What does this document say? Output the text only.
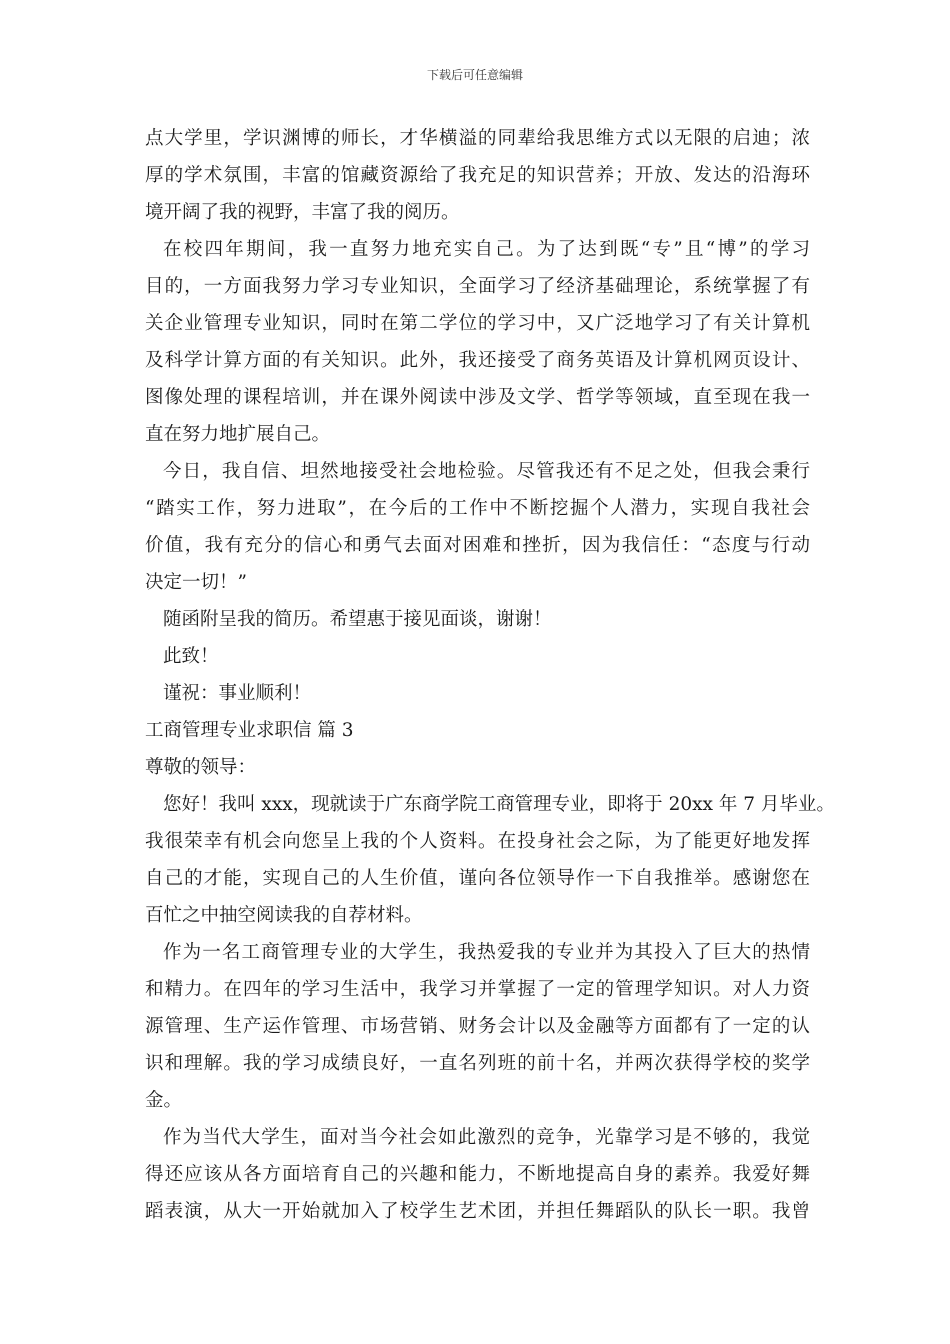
下载后可任意编辑
点大学里，学识渊博的师长，才华横溢的同辈给我思维方式以无限的启迪；浓
厚的学术氛围，丰富的馆藏资源给了我充足的知识营养；开放、发达的沿海环
境开阔了我的视野，丰富了我的阅历。
在校四年期间，我一直努力地充实自己。为了达到既“专”且“博”的学习
目的，一方面我努力学习专业知识，全面学习了经济基础理论，系统掌握了有
关企业管理专业知识，同时在第二学位的学习中，又广泛地学习了有关计算机
及科学计算方面的有关知识。此外，我还接受了商务英语及计算机网页设计、
图像处理的课程培训，并在课外阅读中涉及文学、哲学等领域，直至现在我一
直在努力地扩展自己。
今日，我自信、坦然地接受社会地检验。尽管我还有不足之处，但我会秉行
“踏实工作，努力进取”，在今后的工作中不断挖掘个人潜力，实现自我社会
价值，我有充分的信心和勇气去面对困难和挫折，因为我信任：“态度与行动
决定一切！”
随函附呈我的简历。希望惠于接见面谈，谢谢！
此致！
谨祝：事业顺利！
工商管理专业求职信 篇 3
尊敬的领导：
您好！我叫 xxx，现就读于广东商学院工商管理专业，即将于 20xx 年 7 月毕业。
我很荣幸有机会向您呈上我的个人资料。在投身社会之际，为了能更好地发挥
自己的才能，实现自己的人生价值，谨向各位领导作一下自我推举。感谢您在
百忙之中抽空阅读我的自荐材料。
作为一名工商管理专业的大学生，我热爱我的专业并为其投入了巨大的热情
和精力。在四年的学习生活中，我学习并掌握了一定的管理学知识。对人力资
源管理、生产运作管理、市场营销、财务会计以及金融等方面都有了一定的认
识和理解。我的学习成绩良好，一直名列班的前十名，并两次获得学校的奖学
金。
作为当代大学生，面对当今社会如此激烈的竞争，光靠学习是不够的，我觉
得还应该从各方面培育自己的兴趣和能力，不断地提高自身的素养。我爱好舞
蹈表演，从大一开始就加入了校学生艺术团，并担任舞蹈队的队长一职。我曾
